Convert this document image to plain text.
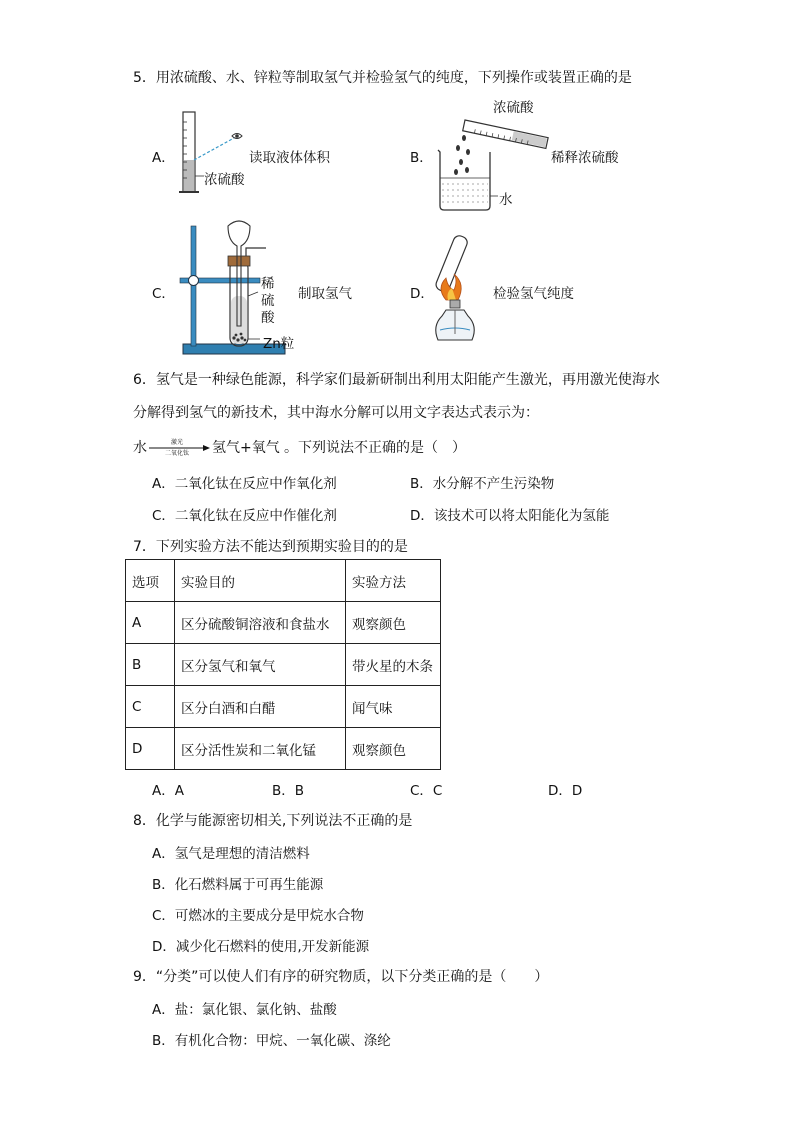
5．用浓硫酸、水、锌粒等制取氢气并检验氢气的纯度，下列操作或装置正确的是
A．	读取液体体积
浓硫酸
B．
浓硫酸
稀释浓硫酸
水
C．
稀
硫
酸
Zn粒
制取氢气	D．	检验氢气纯度
6．氢气是一种绿色能源，科学家们最新研制出利用太阳能产生激光，再用激光使海水
分解得到氢气的新技术，其中海水分解可以用文字表达式表示为：
水	激光
二氧化钛 氢气+氧气 。下列说法不正确的是（　）
A．二氧化钛在反应中作氧化剂	B．水分解不产生污染物
C．二氧化钛在反应中作催化剂	D．该技术可以将太阳能化为氢能
7．下列实验方法不能达到预期实验目的的是
选项	实验目的	实验方法
A	区分硫酸铜溶液和食盐水	观察颜色
B	区分氢气和氧气	带火星的木条
C	区分白酒和白醋	闻气味
D	区分活性炭和二氧化锰	观察颜色
A．A	B．B	C．C	D．D
8．化学与能源密切相关,下列说法不正确的是
A．氢气是理想的清洁燃料
B．化石燃料属于可再生能源
C．可燃冰的主要成分是甲烷水合物
D．减少化石燃料的使用,开发新能源
9．“分类”可以使人们有序的研究物质，以下分类正确的是（　　）
A．盐：氯化银、氯化钠、盐酸
B．有机化合物：甲烷、一氧化碳、涤纶
